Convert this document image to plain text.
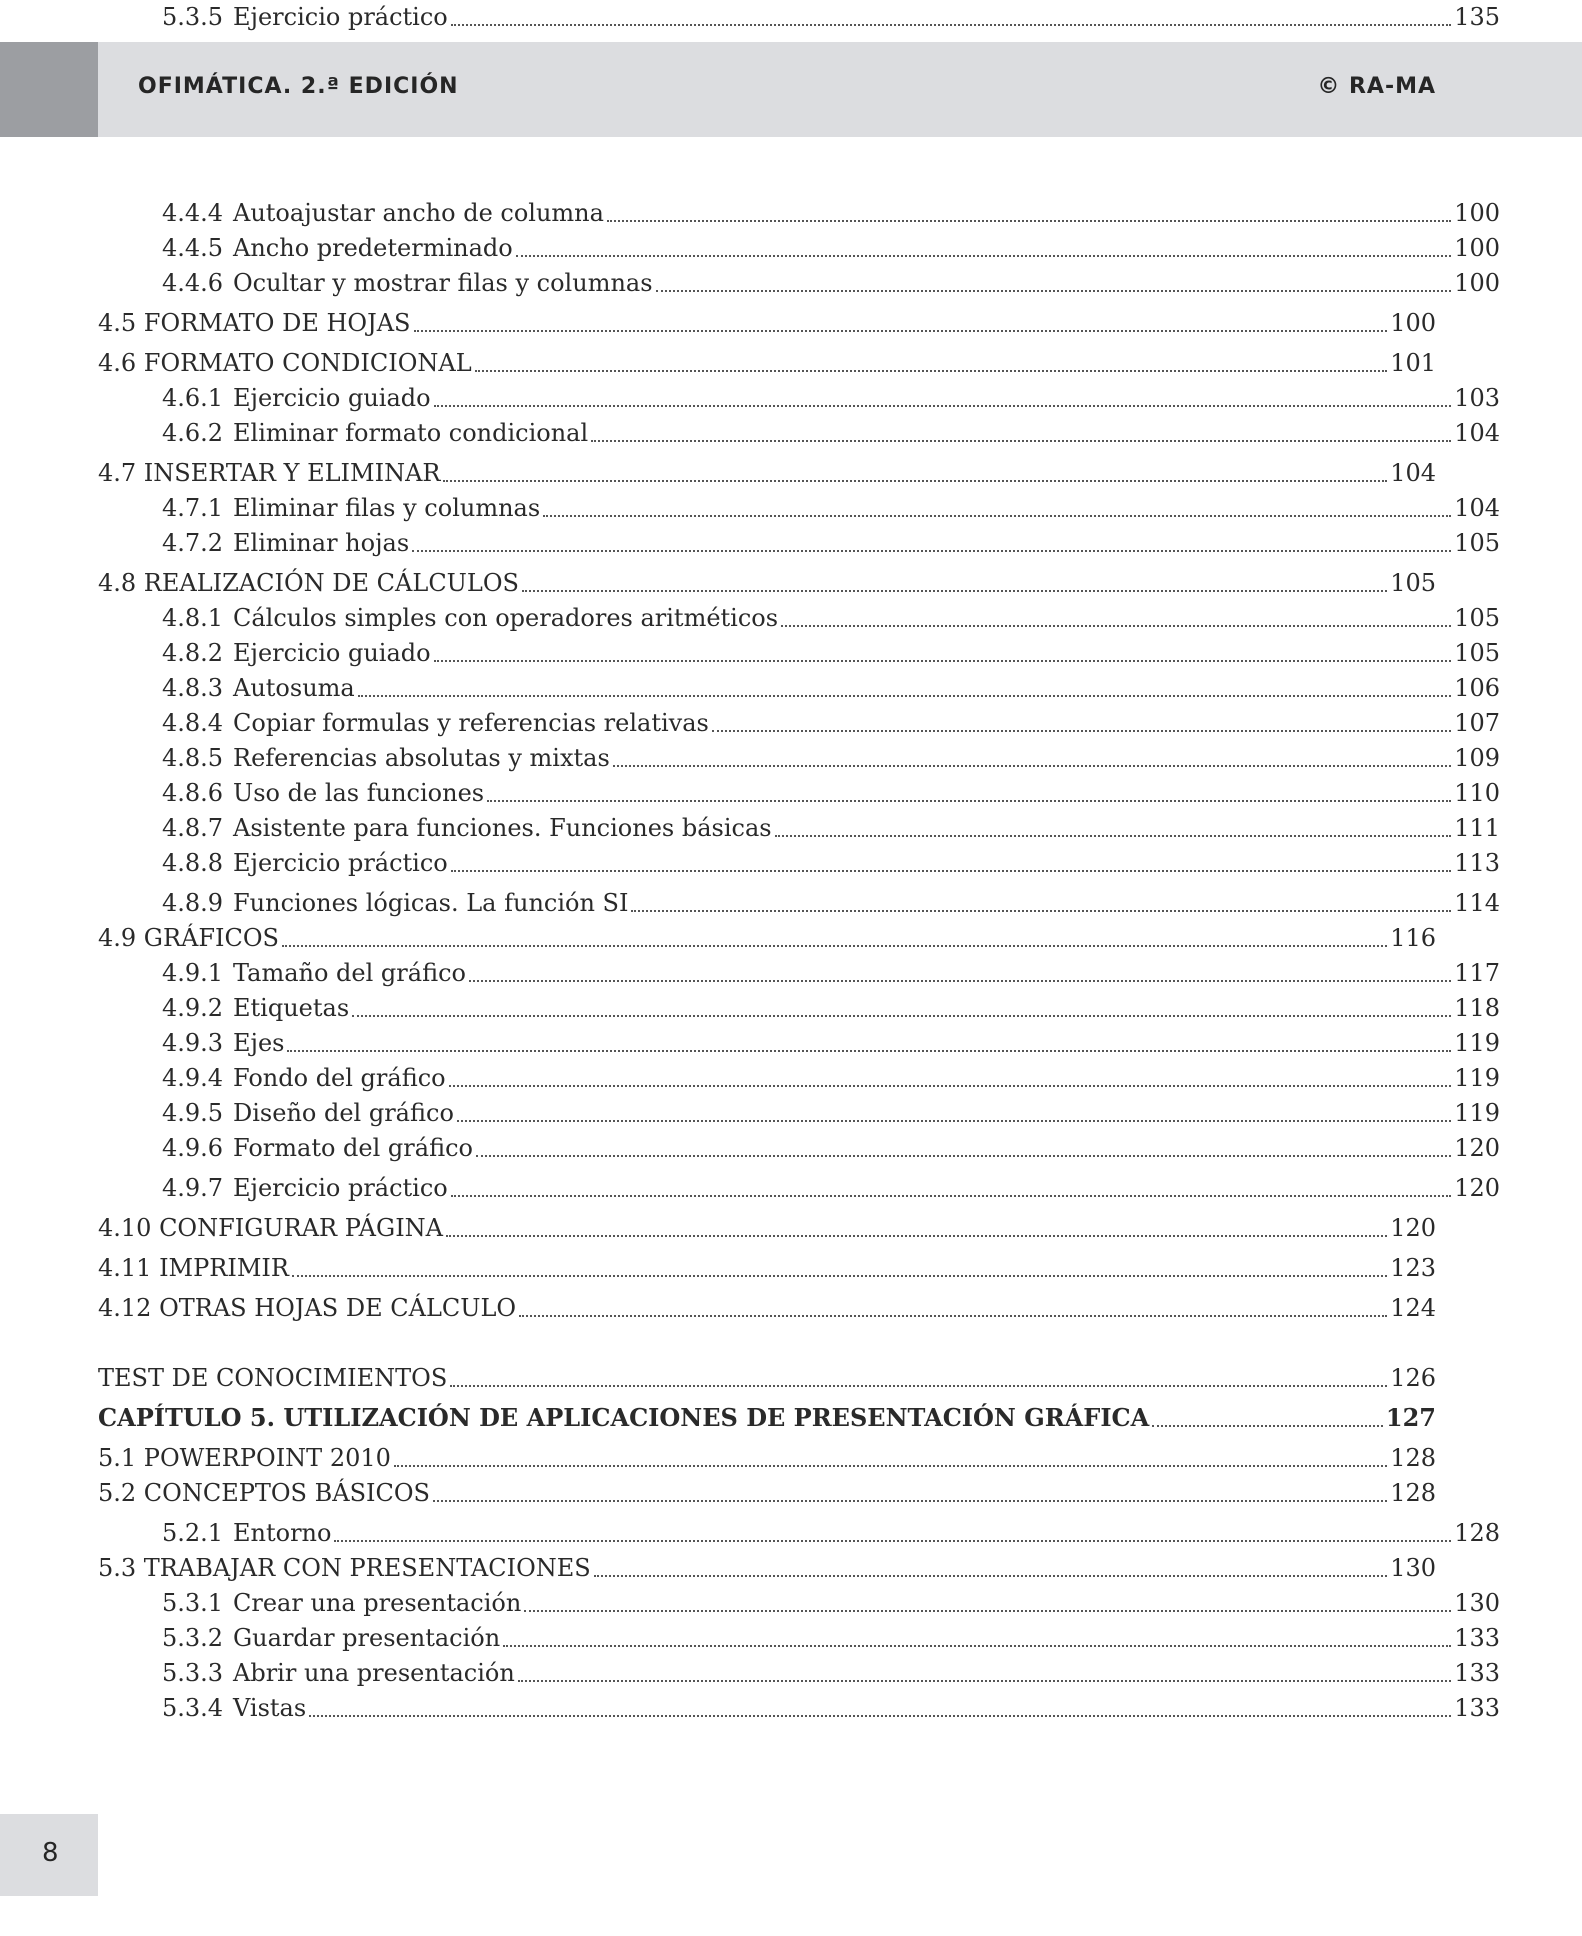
OFIMÁTICA. 2.ª EDICIÓN	© RA-MA
4.4.4 Autoajustar ancho de columna	100
4.4.5 Ancho predeterminado	100
4.4.6 Ocultar y mostrar filas y columnas	100
4.5 FORMATO DE HOJAS	100
4.6 FORMATO CONDICIONAL	101
4.6.1 Ejercicio guiado	103
4.6.2 Eliminar formato condicional	104
4.7 INSERTAR Y ELIMINAR	104
4.7.1 Eliminar filas y columnas	104
4.7.2 Eliminar hojas	105
4.8 REALIZACIÓN DE CÁLCULOS	105
4.8.1 Cálculos simples con operadores aritméticos	105
4.8.2 Ejercicio guiado	105
4.8.3 Autosuma	106
4.8.4 Copiar formulas y referencias relativas	107
4.8.5 Referencias absolutas y mixtas	109
4.8.6 Uso de las funciones	110
4.8.7 Asistente para funciones. Funciones básicas	111
4.8.8 Ejercicio práctico	113
4.8.9 Funciones lógicas. La función SI	114
4.9 GRÁFICOS	116
4.9.1 Tamaño del gráfico	117
4.9.2 Etiquetas	118
4.9.3 Ejes	119
4.9.4 Fondo del gráfico	119
4.9.5 Diseño del gráfico	119
4.9.6 Formato del gráfico	120
4.9.7 Ejercicio práctico	120
4.10 CONFIGURAR PÁGINA	120
4.11 IMPRIMIR	123
4.12 OTRAS HOJAS DE CÁLCULO	124
TEST DE CONOCIMIENTOS	126
CAPÍTULO 5. UTILIZACIÓN DE APLICACIONES DE PRESENTACIÓN GRÁFICA	127
5.1 POWERPOINT 2010	128
5.2 CONCEPTOS BÁSICOS	128
5.2.1 Entorno	128
5.3 TRABAJAR CON PRESENTACIONES	130
5.3.1 Crear una presentación	130
5.3.2 Guardar presentación	133
5.3.3 Abrir una presentación	133
5.3.4 Vistas	133
5.3.5 Ejercicio práctico	135
8
